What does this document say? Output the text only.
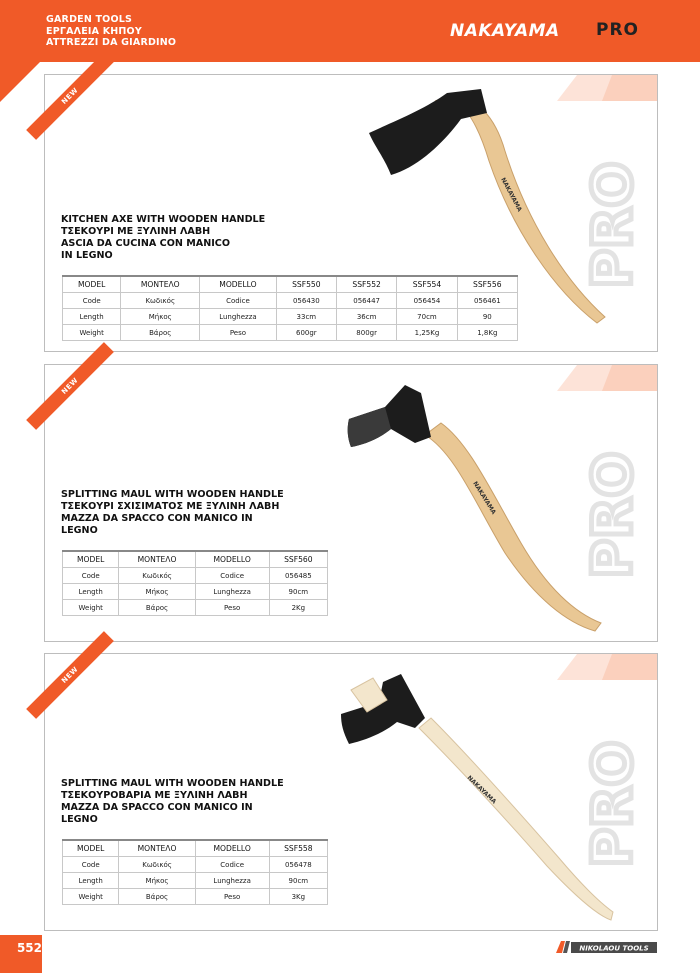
GARDEN TOOLS
ΕΡΓΑΛΕΙΑ ΚΗΠΟΥ
ATTREZZI DA GIARDINO
NAKAYAMA PRO
NEW
PRO
NAKAYAMA
KITCHEN AXE WITH WOODEN HANDLE
ΤΣΕΚΟΥΡΙ ΜΕ ΞΥΛΙΝΗ ΛΑΒΗ
ASCIA DA CUCINA CON MANICO
IN LEGNO
MODEL	ΜΟΝΤΕΛΟ	MODELLO	SSF550	SSF552	SSF554	SSF556
Code	Κωδικός	Codice	056430	056447	056454	056461
Length	Μήκος	Lunghezza	33cm	36cm	70cm	90
Weight	Βάρος	Peso	600gr	800gr	1,25Kg	1,8Kg
NEW
PRO
NAKAYAMA
SPLITTING MAUL WITH WOODEN HANDLE
ΤΣΕΚΟΥΡΙ ΣΧΙΣΙΜΑΤΟΣ ΜΕ ΞΥΛΙΝΗ ΛΑΒΗ
MAZZA DA SPACCO CON MANICO IN
LEGNO
MODEL	ΜΟΝΤΕΛΟ	MODELLO	SSF560
Code	Κωδικός	Codice	056485
Length	Μήκος	Lunghezza	90cm
Weight	Βάρος	Peso	2Kg
NEW
PRO
NAKAYAMA
SPLITTING MAUL WITH WOODEN HANDLE
ΤΣΕΚΟΥΡΟΒΑΡΙΑ ΜΕ ΞΥΛΙΝΗ ΛΑΒΗ
MAZZA DA SPACCO CON MANICO IN
LEGNO
MODEL	ΜΟΝΤΕΛΟ	MODELLO	SSF558
Code	Κωδικός	Codice	056478
Length	Μήκος	Lunghezza	90cm
Weight	Βάρος	Peso	3Kg
552	NIKOLAOU TOOLS
